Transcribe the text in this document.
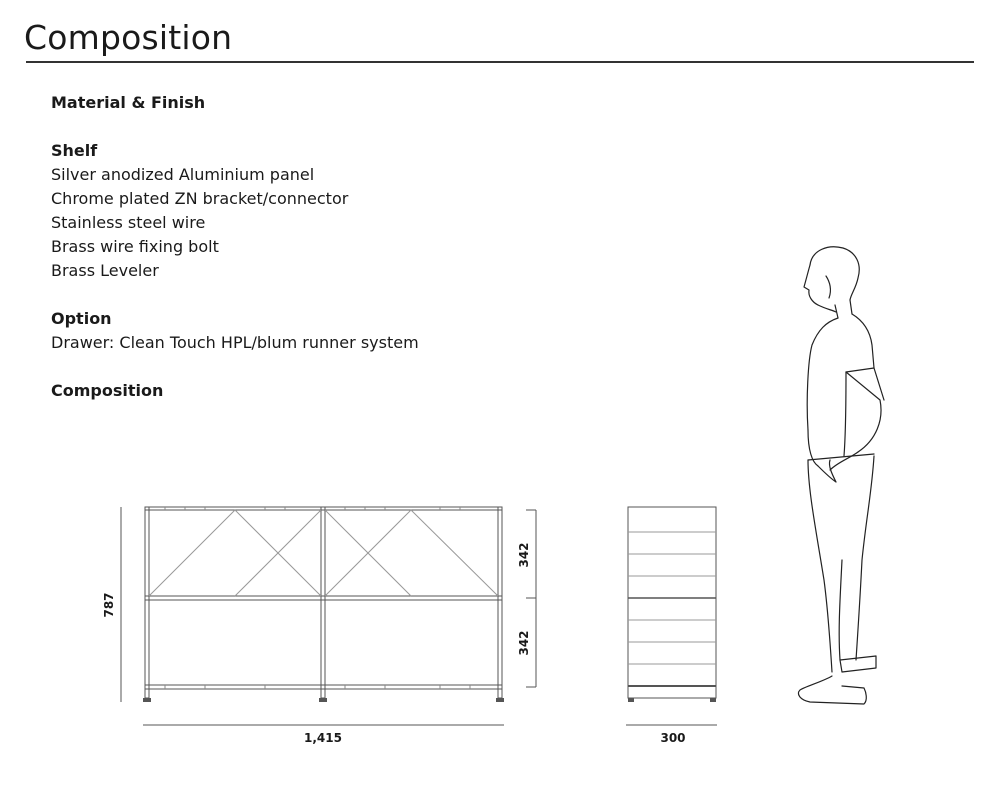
Composition
Material & Finish
Shelf
Silver anodized Aluminium panel
Chrome plated ZN bracket/connector
Stainless steel wire
Brass wire fixing bolt
Brass Leveler
Option
Drawer: Clean Touch HPL/blum runner system
Composition
787
342
342
1,415	300
